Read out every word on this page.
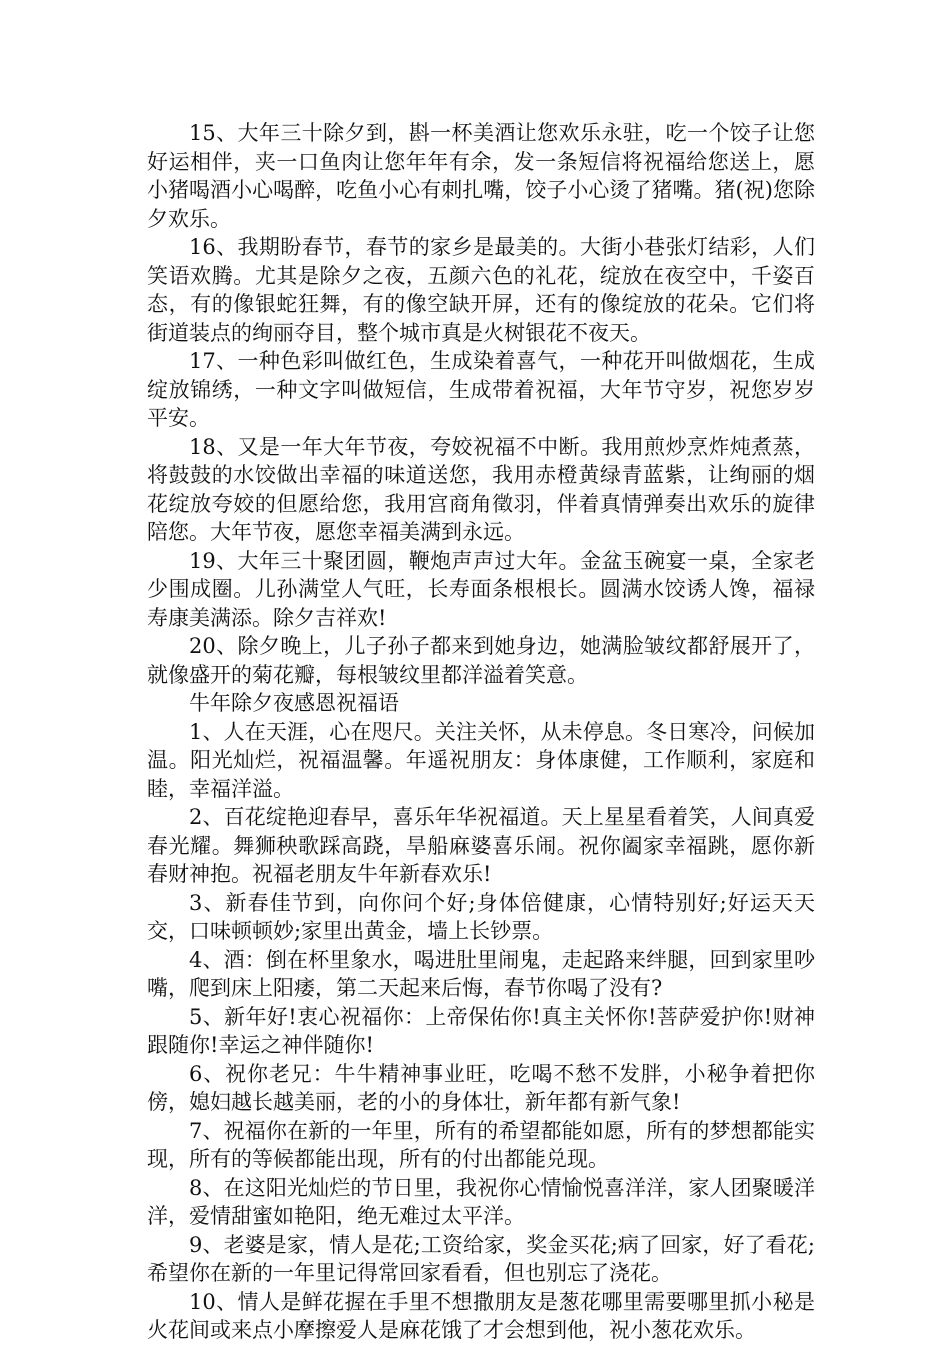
15、大年三十除夕到，斟一杯美酒让您欢乐永驻，吃一个饺子让您好运相伴，夹一口鱼肉让您年年有余，发一条短信将祝福给您送上，愿小猪喝酒小心喝醉，吃鱼小心有刺扎嘴，饺子小心烫了猪嘴。猪(祝)您除夕欢乐。

16、我期盼春节，春节的家乡是最美的。大街小巷张灯结彩，人们笑语欢腾。尤其是除夕之夜，五颜六色的礼花，绽放在夜空中，千姿百态，有的像银蛇狂舞，有的像空缺开屏，还有的像绽放的花朵。它们将街道装点的绚丽夺目，整个城市真是火树银花不夜天。

17、一种色彩叫做红色，生成染着喜气，一种花开叫做烟花，生成绽放锦绣，一种文字叫做短信，生成带着祝福，大年节守岁，祝您岁岁平安。

18、又是一年大年节夜，夸姣祝福不中断。我用煎炒烹炸炖煮蒸，将鼓鼓的水饺做出幸福的味道送您，我用赤橙黄绿青蓝紫，让绚丽的烟花绽放夸姣的但愿给您，我用宫商角徵羽，伴着真情弹奏出欢乐的旋律陪您。大年节夜，愿您幸福美满到永远。

19、大年三十聚团圆，鞭炮声声过大年。金盆玉碗宴一桌，全家老少围成圈。儿孙满堂人气旺，长寿面条根根长。圆满水饺诱人馋，福禄寿康美满添。除夕吉祥欢!

20、除夕晚上，儿子孙子都来到她身边，她满脸皱纹都舒展开了，就像盛开的菊花瓣，每根皱纹里都洋溢着笑意。

牛年除夕夜感恩祝福语

1、人在天涯，心在咫尺。关注关怀，从未停息。冬日寒冷，问候加温。阳光灿烂，祝福温馨。年遥祝朋友：身体康健，工作顺利，家庭和睦，幸福洋溢。

2、百花绽艳迎春早，喜乐年华祝福道。天上星星看着笑，人间真爱春光耀。舞狮秧歌踩高跷，旱船麻婆喜乐闹。祝你阖家幸福跳，愿你新春财神抱。祝福老朋友牛年新春欢乐!

3、新春佳节到，向你问个好;身体倍健康，心情特别好;好运天天交，口味顿顿妙;家里出黄金，墙上长钞票。

4、酒：倒在杯里象水，喝进肚里闹鬼，走起路来绊腿，回到家里吵嘴，爬到床上阳痿，第二天起来后悔，春节你喝了没有?

5、新年好!衷心祝福你：上帝保佑你!真主关怀你!菩萨爱护你!财神跟随你!幸运之神伴随你!

6、祝你老兄：牛牛精神事业旺，吃喝不愁不发胖，小秘争着把你傍，媳妇越长越美丽，老的小的身体壮，新年都有新气象!

7、祝福你在新的一年里，所有的希望都能如愿，所有的梦想都能实现，所有的等候都能出现，所有的付出都能兑现。

8、在这阳光灿烂的节日里，我祝你心情愉悦喜洋洋，家人团聚暖洋洋，爱情甜蜜如艳阳，绝无难过太平洋。

9、老婆是家，情人是花;工资给家，奖金买花;病了回家，好了看花;希望你在新的一年里记得常回家看看，但也别忘了浇花。

10、情人是鲜花握在手里不想撒朋友是葱花哪里需要哪里抓小秘是火花间或来点小摩擦爱人是麻花饿了才会想到他，祝小葱花欢乐。
